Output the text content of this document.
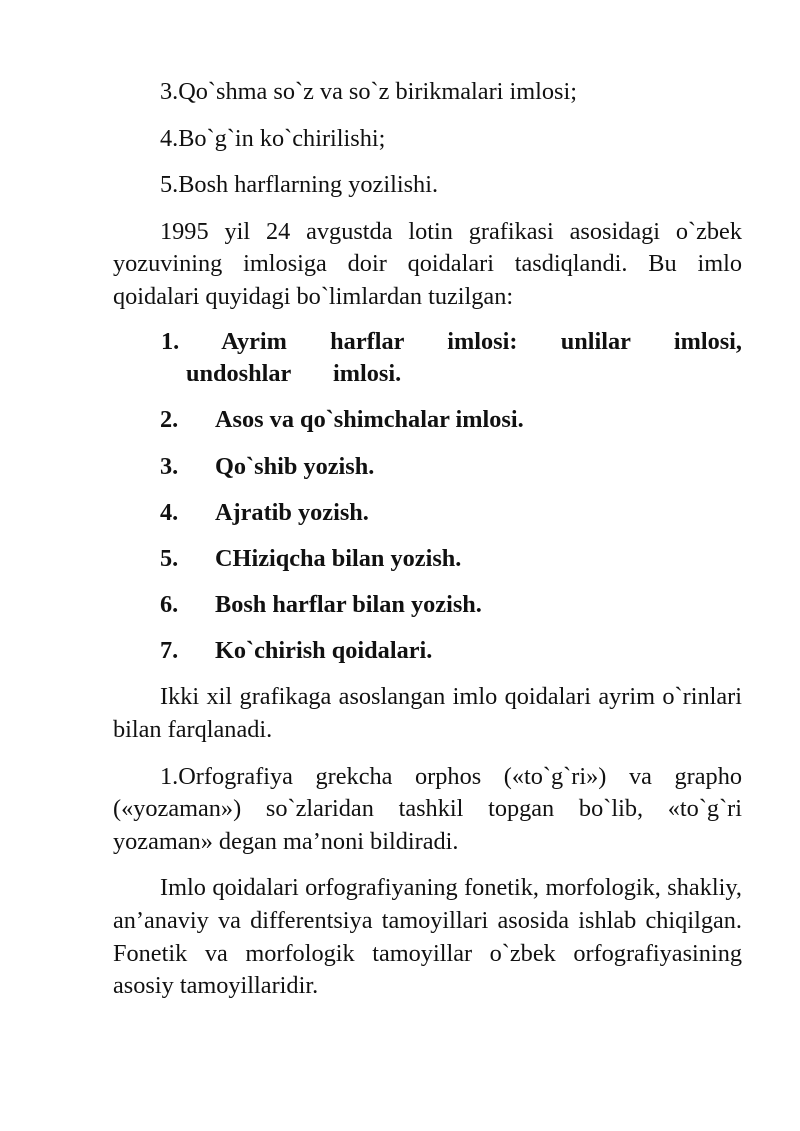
3.Qo`shma so`z va so`z birikmalari imlosi;

4.Bo`g`in ko`chirilishi;

5.Bosh harflarning yozilishi.

1995 yil 24 avgustda lotin grafikasi asosidagi o`zbek yozuvining imlosiga doir qoidalari tasdiqlandi. Bu imlo qoidalari quyidagi bo`limlardan tuzilgan:

1. Ayrim harflar imlosi: unlilar imlosi, undoshlar imlosi.
2.	Asos va qo`shimchalar imlosi.
3.	Qo`shib yozish.
4.	Ajratib yozish.
5.	CHiziqcha bilan yozish.
6.	Bosh harflar bilan yozish.
7.	Ko`chirish qoidalari.

Ikki xil grafikaga asoslangan imlo qoidalari ayrim o`rinlari bilan farqlanadi.

1.Orfografiya grekcha orphos («to`g`ri») va grapho («yozaman») so`zlaridan tashkil topgan bo`lib, «to`g`ri yozaman» degan ma’noni bildiradi.

Imlo qoidalari orfografiyaning fonetik, morfologik, shakliy, an’anaviy va differentsiya tamoyillari asosida ishlab chiqilgan. Fonetik va morfologik tamoyillar o`zbek orfografiyasining asosiy tamoyillaridir.
